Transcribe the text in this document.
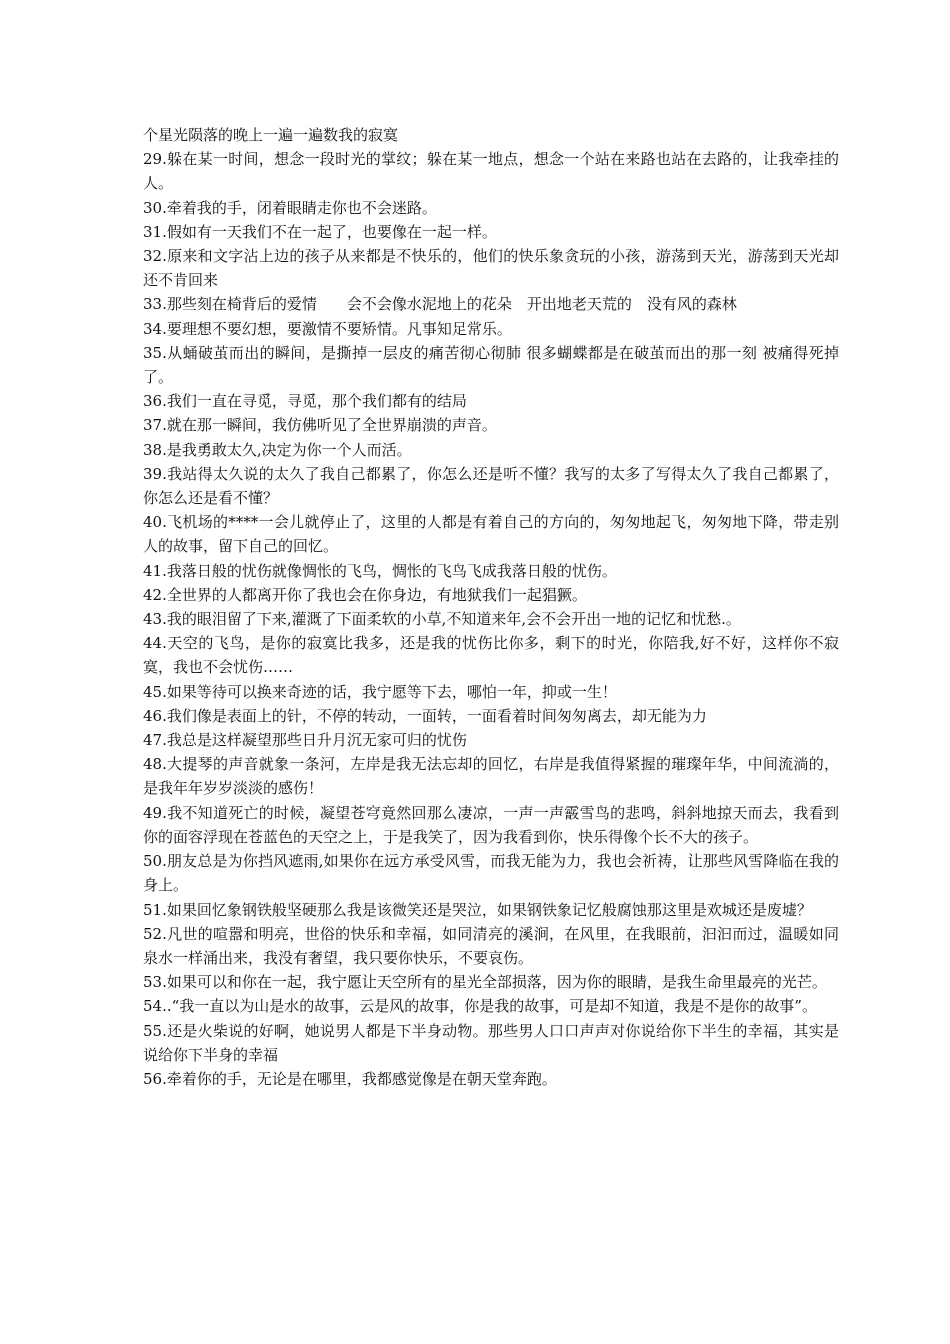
个星光陨落的晚上一遍一遍数我的寂寞

29.躲在某一时间，想念一段时光的掌纹；躲在某一地点，想念一个站在来路也站在去路的，让我牵挂的人。

30.牵着我的手，闭着眼睛走你也不会迷路。

31.假如有一天我们不在一起了，也要像在一起一样。

32.原来和文字沾上边的孩子从来都是不快乐的，他们的快乐象贪玩的小孩，游荡到天光，游荡到天光却还不肯回来

33.那些刻在椅背后的爱情　　会不会像水泥地上的花朵　开出地老天荒的　没有风的森林

34.要理想不要幻想，要激情不要矫情。凡事知足常乐。

35.从蛹破茧而出的瞬间，是撕掉一层皮的痛苦彻心彻肺 很多蝴蝶都是在破茧而出的那一刻 被痛得死掉了。

36.我们一直在寻觅，寻觅，那个我们都有的结局

37.就在那一瞬间，我仿佛听见了全世界崩溃的声音。

38.是我勇敢太久,决定为你一个人而活。

39.我站得太久说的太久了我自己都累了，你怎么还是听不懂？我写的太多了写得太久了我自己都累了，你怎么还是看不懂？

40.飞机场的****一会儿就停止了，这里的人都是有着自己的方向的，匆匆地起飞，匆匆地下降，带走别人的故事，留下自己的回忆。

41.我落日般的忧伤就像惆怅的飞鸟，惆怅的飞鸟飞成我落日般的忧伤。

42.全世界的人都离开你了我也会在你身边，有地狱我们一起猖獗。

43.我的眼泪留了下来,灌溉了下面柔软的小草,不知道来年,会不会开出一地的记忆和忧愁.。

44.天空的飞鸟，是你的寂寞比我多，还是我的忧伤比你多，剩下的时光，你陪我,好不好，这样你不寂寞，我也不会忧伤……

45.如果等待可以换来奇迹的话，我宁愿等下去，哪怕一年，抑或一生！

46.我们像是表面上的针，不停的转动，一面转，一面看着时间匆匆离去，却无能为力

47.我总是这样凝望那些日升月沉无家可归的忧伤

48.大提琴的声音就象一条河，左岸是我无法忘却的回忆，右岸是我值得紧握的璀璨年华，中间流淌的，是我年年岁岁淡淡的感伤！

49.我不知道死亡的时候，凝望苍穹竟然回那么凄凉，一声一声霰雪鸟的悲鸣，斜斜地掠天而去，我看到你的面容浮现在苍蓝色的天空之上，于是我笑了，因为我看到你，快乐得像个长不大的孩子。

50.朋友总是为你挡风遮雨,如果你在远方承受风雪，而我无能为力，我也会祈祷，让那些风雪降临在我的身上。

51.如果回忆象钢铁般坚硬那么我是该微笑还是哭泣，如果钢铁象记忆般腐蚀那这里是欢城还是废墟？

52.凡世的喧嚣和明亮，世俗的快乐和幸福，如同清亮的溪涧，在风里，在我眼前，汩汩而过，温暖如同泉水一样涌出来，我没有奢望，我只要你快乐，不要哀伤。

53.如果可以和你在一起，我宁愿让天空所有的星光全部损落，因为你的眼睛，是我生命里最亮的光芒。

54..“我一直以为山是水的故事，云是风的故事，你是我的故事，可是却不知道，我是不是你的故事”。

55.还是火柴说的好啊，她说男人都是下半身动物。那些男人口口声声对你说给你下半生的幸福，其实是说给你下半身的幸福

56.牵着你的手，无论是在哪里，我都感觉像是在朝天堂奔跑。
